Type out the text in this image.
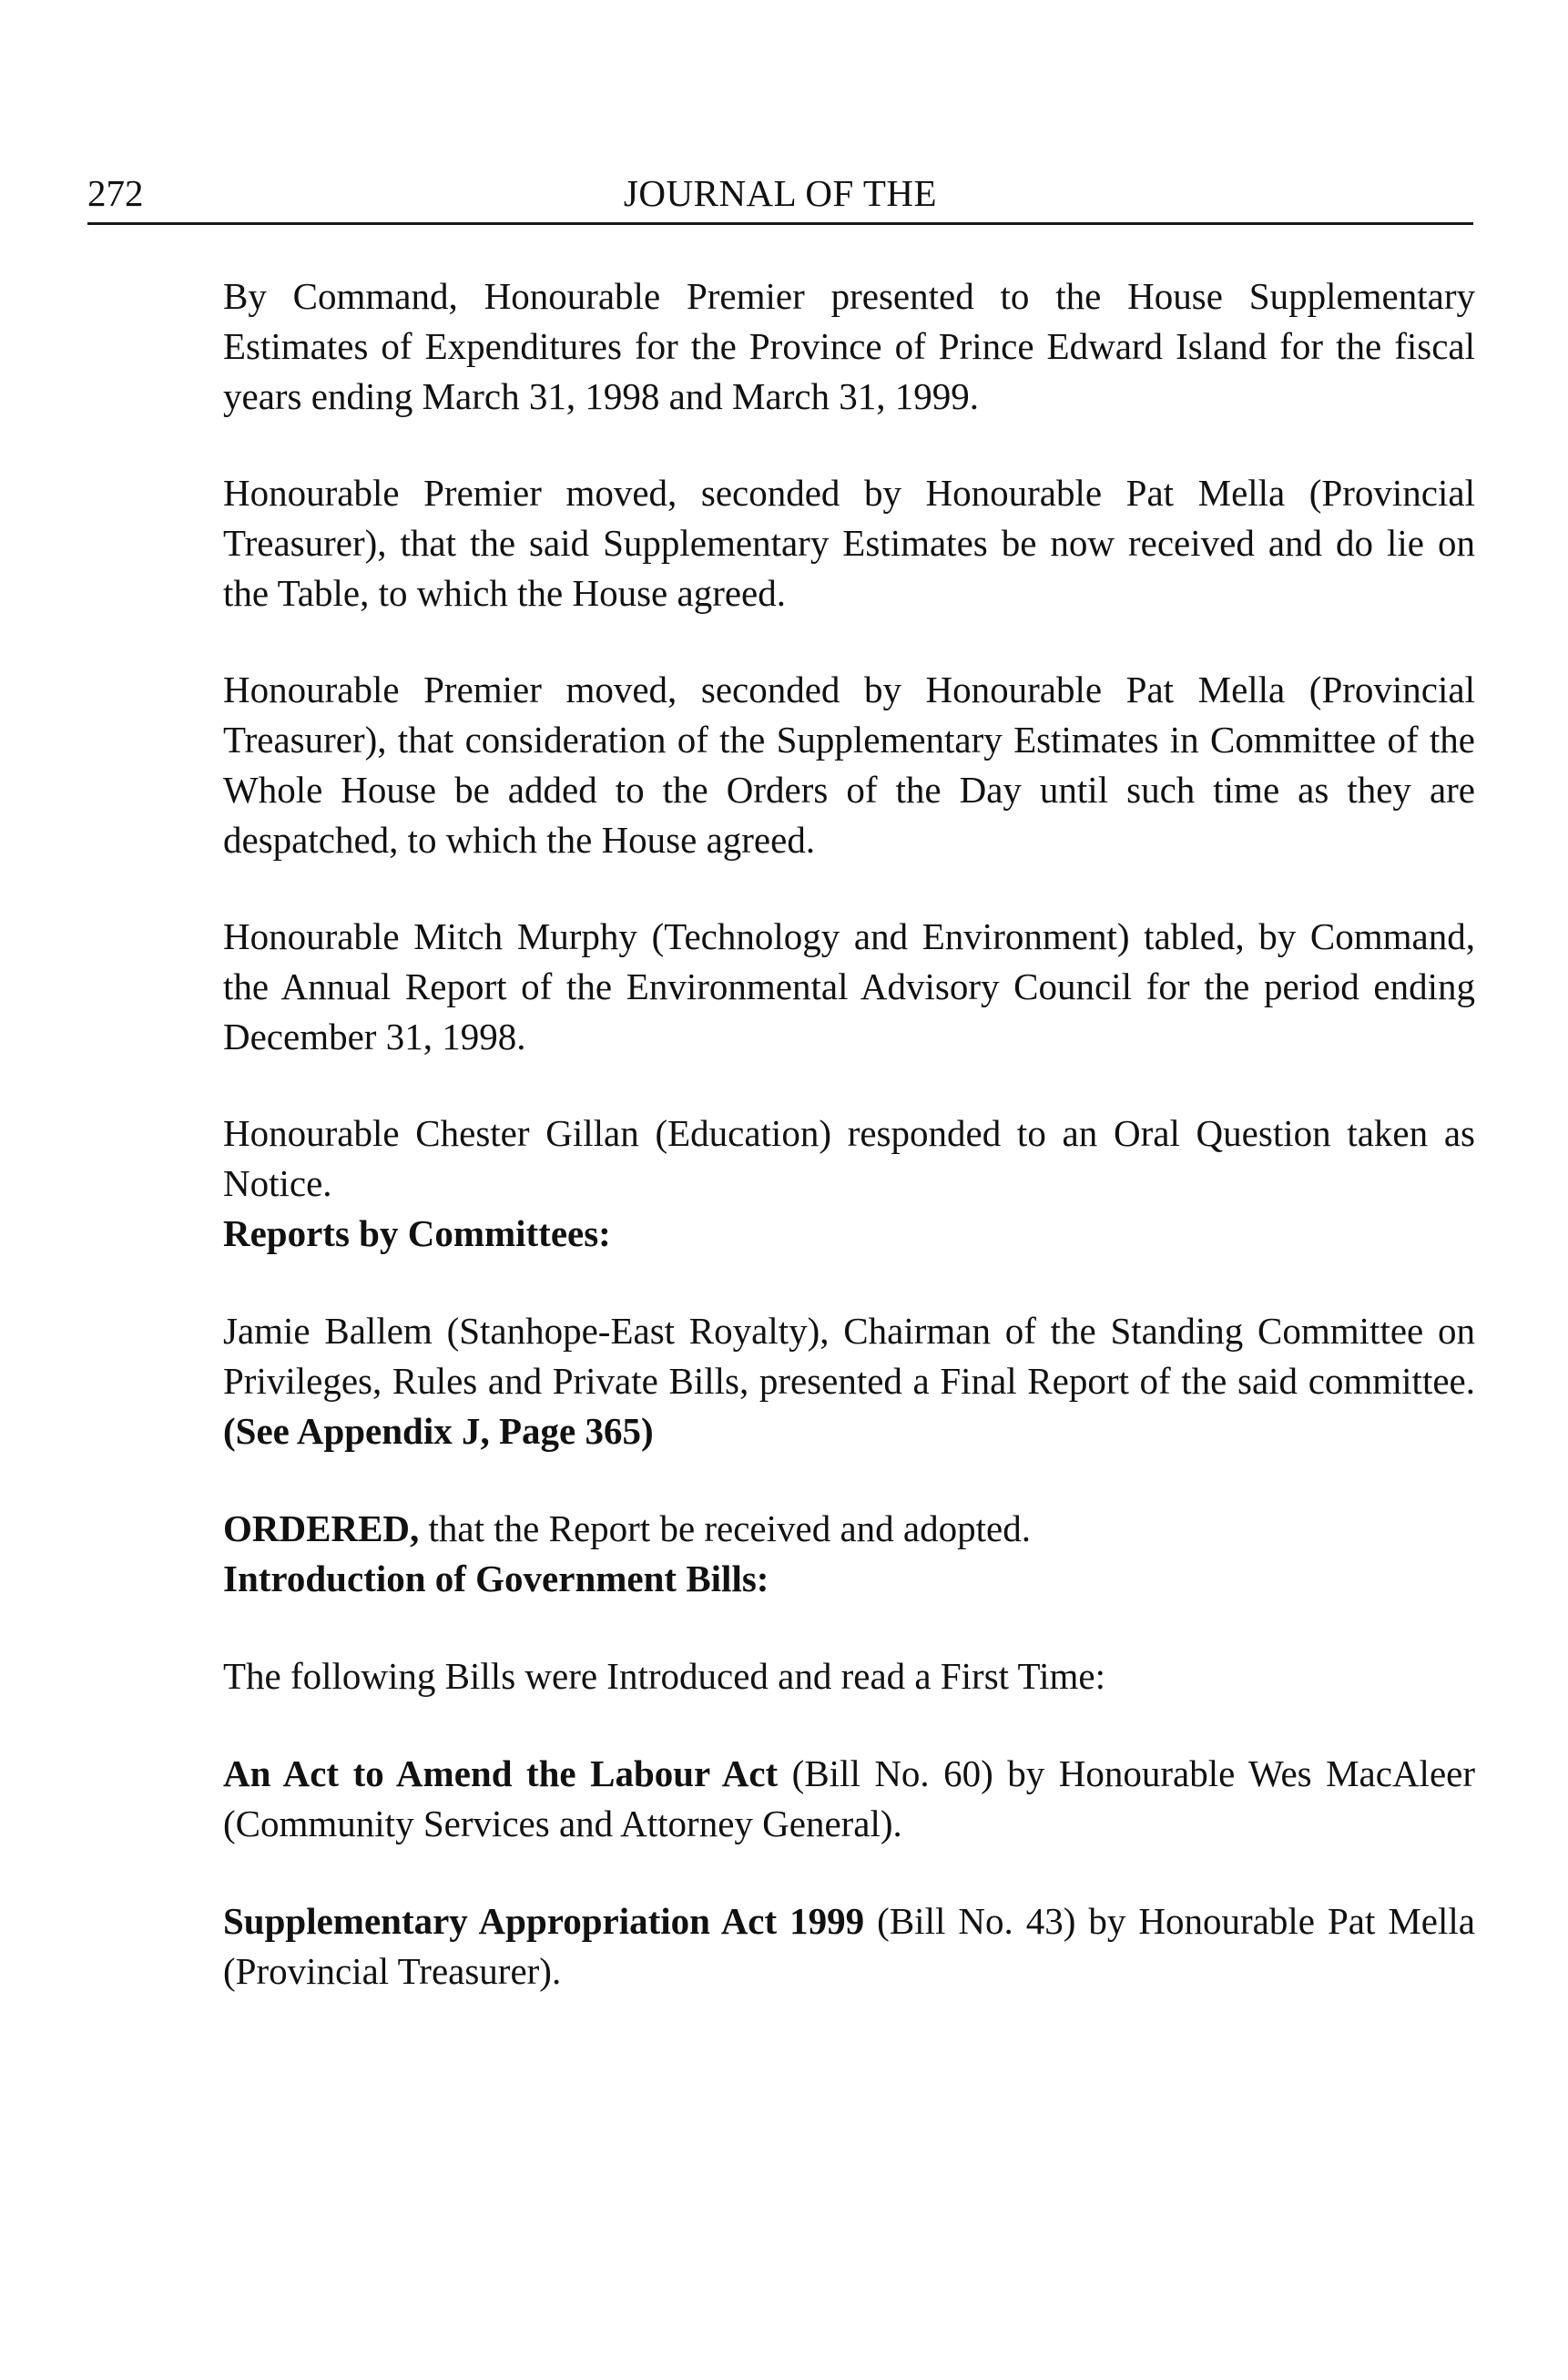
272	JOURNAL OF THE

By Command, Honourable Premier presented to the House Supplementary Estimates of Expenditures for the Province of Prince Edward Island for the fiscal years ending March 31, 1998 and March 31, 1999.

Honourable Premier moved, seconded by Honourable Pat Mella (Provincial Treasurer), that the said Supplementary Estimates be now received and do lie on the Table, to which the House agreed.

Honourable Premier moved, seconded by Honourable Pat Mella (Provincial Treasurer), that consideration of the Supplementary Estimates in Committee of the Whole House be added to the Orders of the Day until such time as they are despatched, to which the House agreed.

Honourable Mitch Murphy (Technology and Environment) tabled, by Command, the Annual Report of the Environmental Advisory Council for the period ending December 31, 1998.

Honourable Chester Gillan (Education) responded to an Oral Question taken as Notice.

Reports by Committees:

Jamie Ballem (Stanhope-East Royalty), Chairman of the Standing Committee on Privileges, Rules and Private Bills, presented a Final Report of the said committee. (See Appendix J, Page 365)

ORDERED, that the Report be received and adopted.

Introduction of Government Bills:

The following Bills were Introduced and read a First Time:

An Act to Amend the Labour Act (Bill No. 60) by Honourable Wes MacAleer (Community Services and Attorney General).

Supplementary Appropriation Act 1999 (Bill No. 43) by Honourable Pat Mella (Provincial Treasurer).
